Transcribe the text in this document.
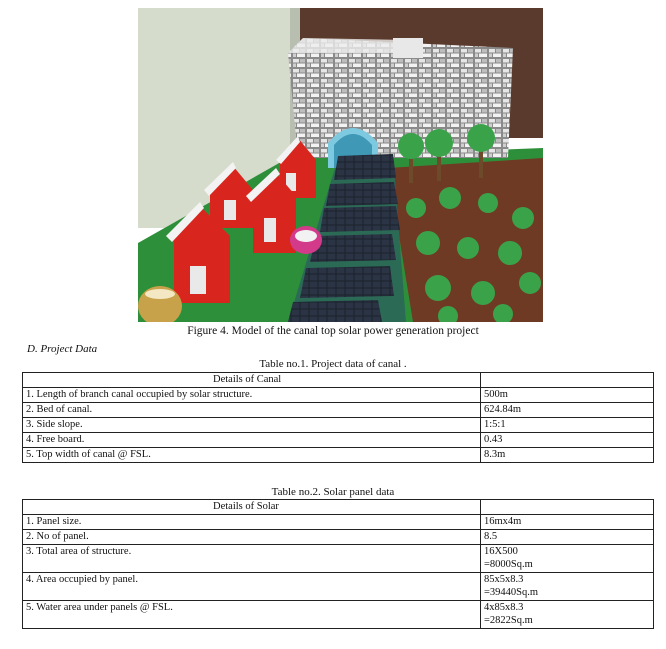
Figure 4. Model of the canal top solar power generation project
D. Project Data
Table no.1. Project data of canal .
Details of Canal	

1. Length of branch canal occupied by solar structure.	500m
2. Bed of canal.	624.84m
3. Side slope.	1:5:1
4. Free board.	0.43
5. Top width of canal @ FSL.	8.3m
Table no.2. Solar panel data
Details of Solar	

1. Panel size.	16mx4m
2. No of panel.	8.5
3. Total area of structure.	16X500
=8000Sq.m

4. Area occupied by panel.	85x5x8.3
=39440Sq.m

5. Water area under panels @ FSL.	4x85x8.3
=2822Sq.m
